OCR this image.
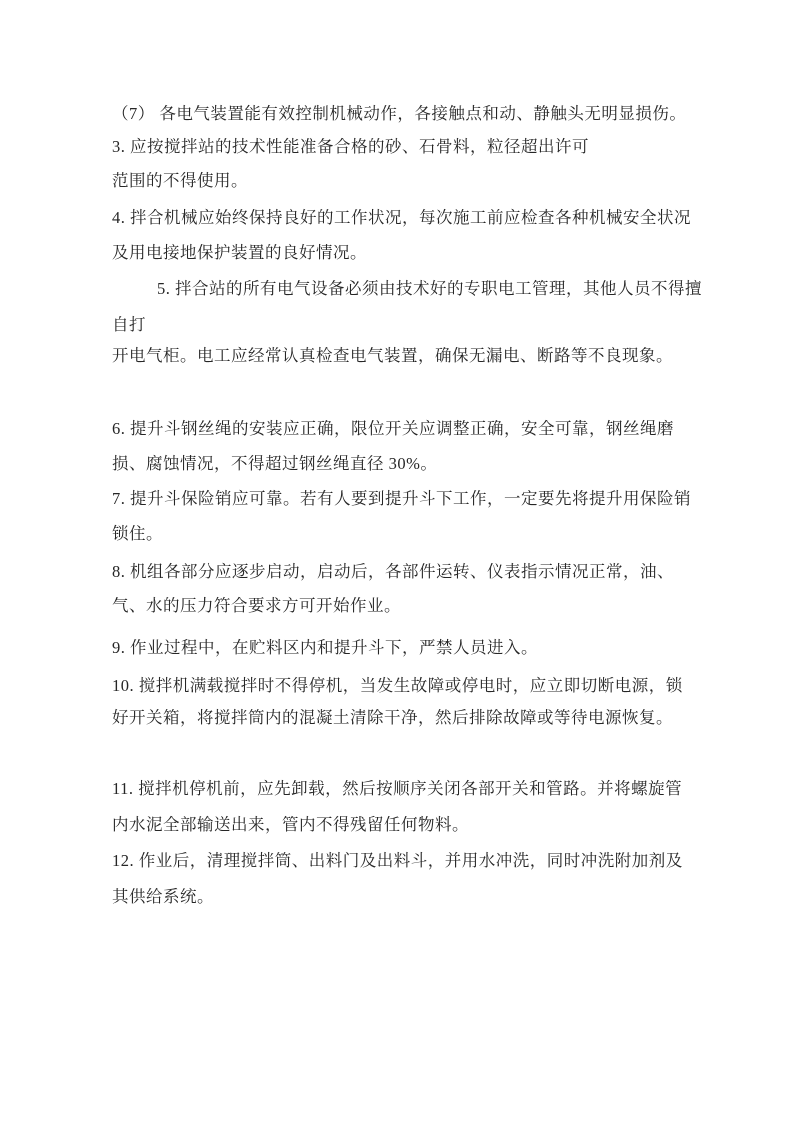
（7） 各电气装置能有效控制机械动作，各接触点和动、静触头无明显损伤。
3. 应按搅拌站的技术性能准备合格的砂、石骨料，粒径超出许可
范围的不得使用。
4. 拌合机械应始终保持良好的工作状况，每次施工前应检查各种机械安全状况
及用电接地保护装置的良好情况。
5. 拌合站的所有电气设备必须由技术好的专职电工管理，其他人员不得擅
自打
开电气柜。电工应经常认真检查电气装置，确保无漏电、断路等不良现象。
6. 提升斗钢丝绳的安装应正确，限位开关应调整正确，安全可靠，钢丝绳磨
损、腐蚀情况，不得超过钢丝绳直径 30%。
7. 提升斗保险销应可靠。若有人要到提升斗下工作，一定要先将提升用保险销
锁住。
8. 机组各部分应逐步启动，启动后，各部件运转、仪表指示情况正常，油、
气、水的压力符合要求方可开始作业。
9. 作业过程中，在贮料区内和提升斗下，严禁人员进入。
10. 搅拌机满载搅拌时不得停机，当发生故障或停电时，应立即切断电源，锁
好开关箱，将搅拌筒内的混凝土清除干净，然后排除故障或等待电源恢复。
11. 搅拌机停机前，应先卸载，然后按顺序关闭各部开关和管路。并将螺旋管
内水泥全部输送出来，管内不得残留任何物料。
12. 作业后，清理搅拌筒、出料门及出料斗，并用水冲洗，同时冲洗附加剂及
其供给系统。
